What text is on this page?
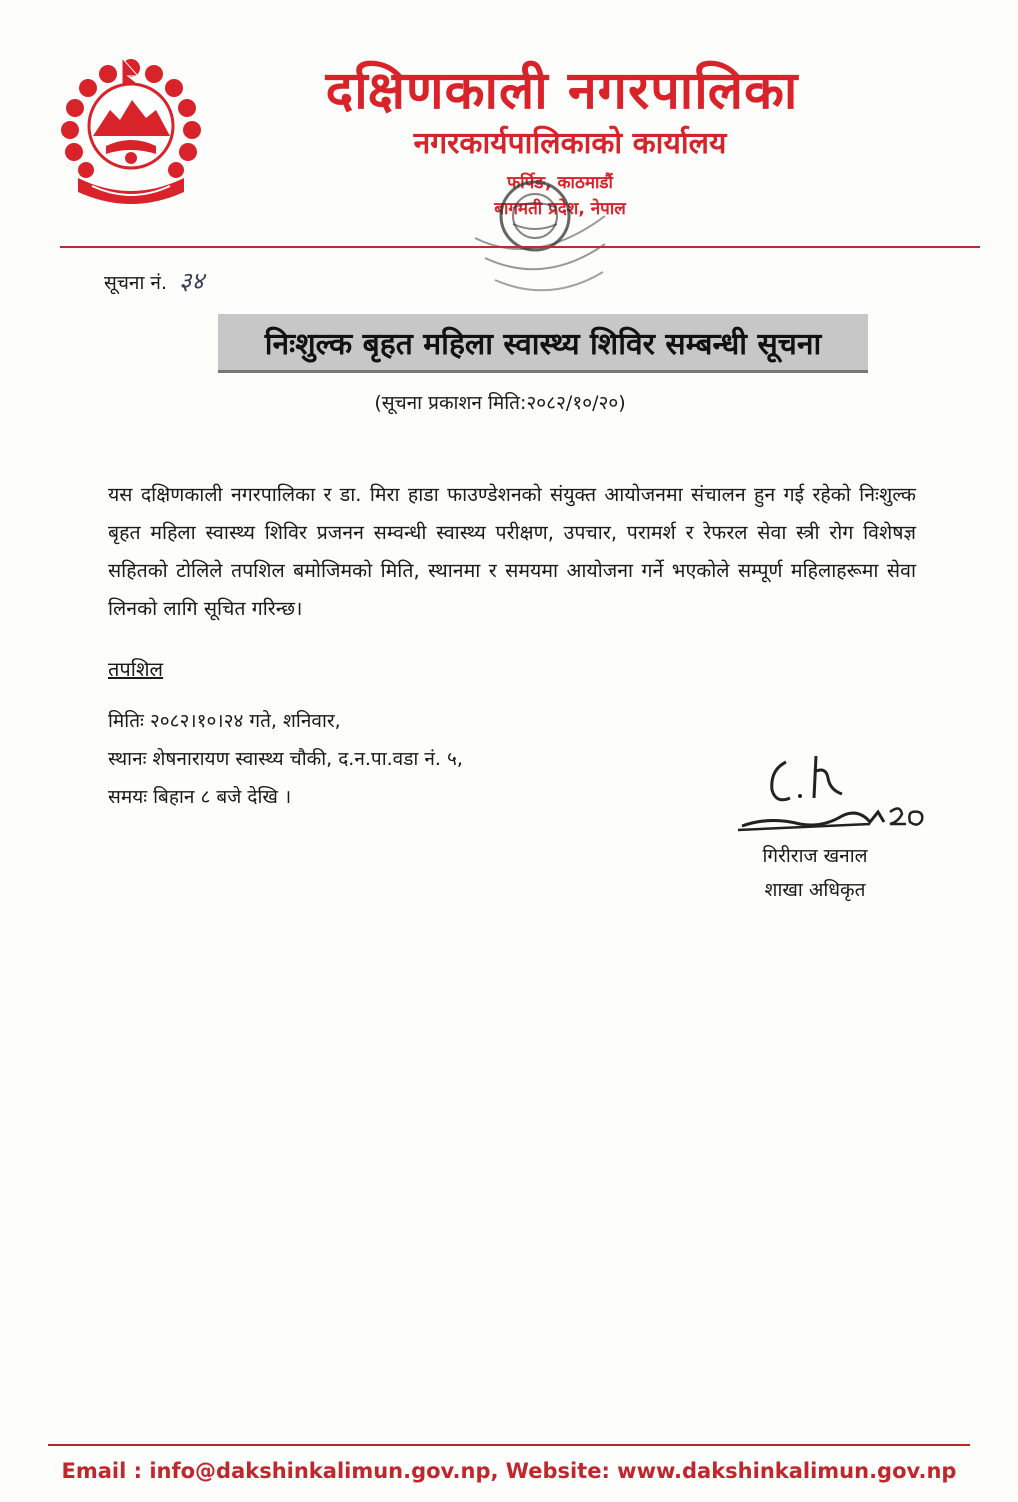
दक्षिणकाली नगरपालिका
नगरकार्यपालिकाको कार्यालय
फर्पिङ, काठमाडौं
बागमती प्रदेश, नेपाल
सूचना नं. ३४
निःशुल्क बृहत महिला स्वास्थ्य शिविर सम्बन्धी सूचना
(सूचना प्रकाशन मिति:२०८२/१०/२०)

यस दक्षिणकाली नगरपालिका र डा. मिरा हाडा फाउण्डेशनको संयुक्त आयोजनमा संचालन हुन गई रहेको निःशुल्क बृहत महिला स्वास्थ्य शिविर प्रजनन सम्वन्धी स्वास्थ्य परीक्षण, उपचार, परामर्श र रेफरल सेवा स्त्री रोग विशेषज्ञ सहितको टोलिले तपशिल बमोजिमको मिति, स्थानमा र समयमा आयोजना गर्ने भएकोले सम्पूर्ण महिलाहरूमा सेवा लिनको लागि सूचित गरिन्छ।

तपशिल
मितिः २०८२।१०।२४ गते, शनिवार,
स्थानः शेषनारायण स्वास्थ्य चौकी, द.न.पा.वडा नं. ५,
समयः बिहान ८ बजे देखि ।
गिरीराज खनाल
शाखा अधिकृत
Email : info@dakshinkalimun.gov.np, Website: www.dakshinkalimun.gov.np
